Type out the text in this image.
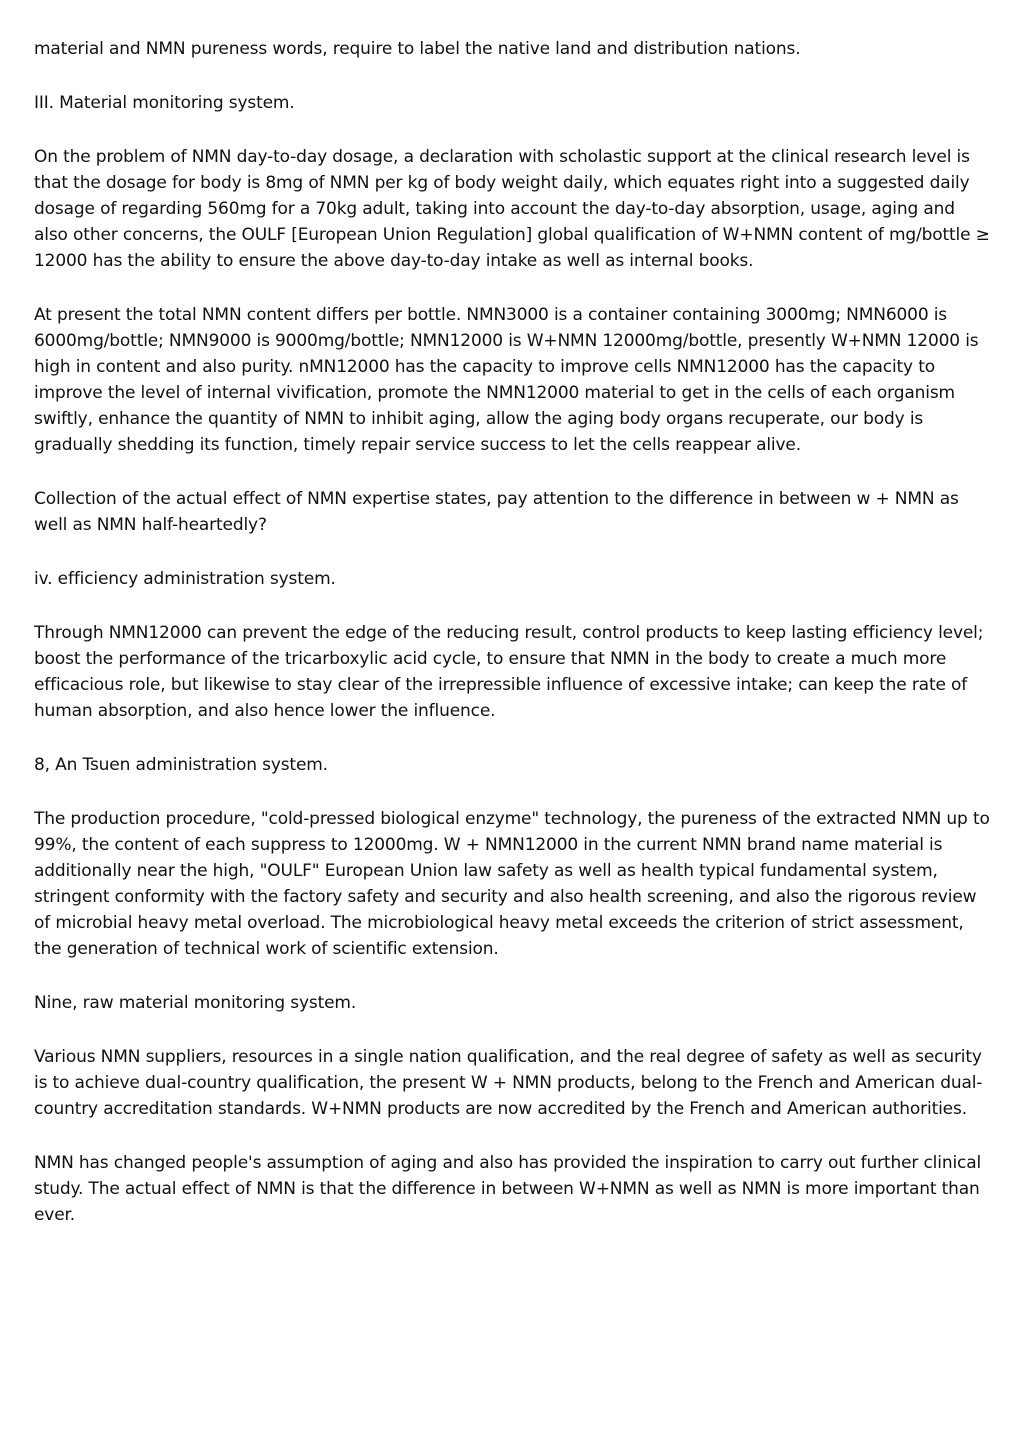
material and NMN pureness words, require to label the native land and distribution nations.

III. Material monitoring system.

On the problem of NMN day-to-day dosage, a declaration with scholastic support at the clinical research level is that the dosage for body is 8mg of NMN per kg of body weight daily, which equates right into a suggested daily dosage of regarding 560mg for a 70kg adult, taking into account the day-to-day absorption, usage, aging and also other concerns, the OULF [European Union Regulation] global qualification of W+NMN content of mg/bottle ≥ 12000 has the ability to ensure the above day-to-day intake as well as internal books.

At present the total NMN content differs per bottle. NMN3000 is a container containing 3000mg; NMN6000 is 6000mg/bottle; NMN9000 is 9000mg/bottle; NMN12000 is W+NMN 12000mg/bottle, presently W+NMN 12000 is high in content and also purity. nMN12000 has the capacity to improve cells NMN12000 has the capacity to improve the level of internal vivification, promote the NMN12000 material to get in the cells of each organism swiftly, enhance the quantity of NMN to inhibit aging, allow the aging body organs recuperate, our body is gradually shedding its function, timely repair service success to let the cells reappear alive.

Collection of the actual effect of NMN expertise states, pay attention to the difference in between w + NMN as well as NMN half-heartedly?

iv. efficiency administration system.

Through NMN12000 can prevent the edge of the reducing result, control products to keep lasting efficiency level; boost the performance of the tricarboxylic acid cycle, to ensure that NMN in the body to create a much more efficacious role, but likewise to stay clear of the irrepressible influence of excessive intake; can keep the rate of human absorption, and also hence lower the influence.

8, An Tsuen administration system.

The production procedure, "cold-pressed biological enzyme" technology, the pureness of the extracted NMN up to 99%, the content of each suppress to 12000mg. W + NMN12000 in the current NMN brand name material is additionally near the high, "OULF" European Union law safety as well as health typical fundamental system, stringent conformity with the factory safety and security and also health screening, and also the rigorous review of microbial heavy metal overload. The microbiological heavy metal exceeds the criterion of strict assessment, the generation of technical work of scientific extension.

Nine, raw material monitoring system.

Various NMN suppliers, resources in a single nation qualification, and the real degree of safety as well as security is to achieve dual-country qualification, the present W + NMN products, belong to the French and American dual-country accreditation standards. W+NMN products are now accredited by the French and American authorities.

NMN has changed people's assumption of aging and also has provided the inspiration to carry out further clinical study. The actual effect of NMN is that the difference in between W+NMN as well as NMN is more important than ever.
